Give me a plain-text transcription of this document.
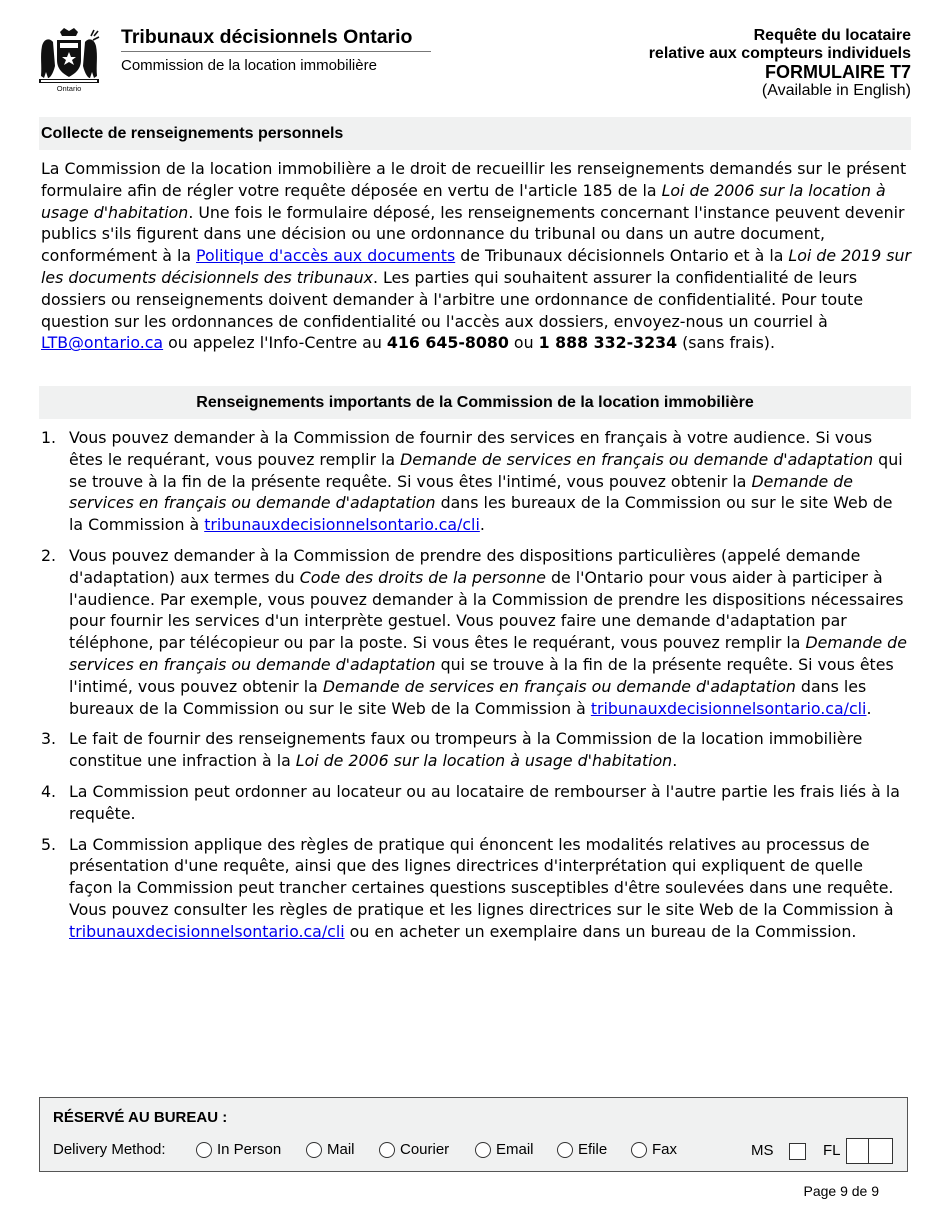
Ontario
Tribunaux décisionnels Ontario
Commission de la location immobilière
Requête du locataire
relative aux compteurs individuels
FORMULAIRE T7
(Available in English)
Collecte de renseignements personnels
La Commission de la location immobilière a le droit de recueillir les renseignements demandés sur le présent formulaire afin de régler votre requête déposée en vertu de l'article 185 de la Loi de 2006 sur la location à usage d'habitation. Une fois le formulaire déposé, les renseignements concernant l'instance peuvent devenir publics s'ils figurent dans une décision ou une ordonnance du tribunal ou dans un autre document, conformément à la Politique d'accès aux documents de Tribunaux décisionnels Ontario et à la Loi de 2019 sur les documents décisionnels des tribunaux. Les parties qui souhaitent assurer la confidentialité de leurs dossiers ou renseignements doivent demander à l'arbitre une ordonnance de confidentialité. Pour toute question sur les ordonnances de confidentialité ou l'accès aux dossiers, envoyez-nous un courriel à LTB@ontario.ca ou appelez l'Info-Centre au 416 645-8080 ou 1 888 332-3234 (sans frais).
Renseignements importants de la Commission de la location immobilière
1. Vous pouvez demander à la Commission de fournir des services en français à votre audience. Si vous êtes le requérant, vous pouvez remplir la Demande de services en français ou demande d'adaptation qui se trouve à la fin de la présente requête. Si vous êtes l'intimé, vous pouvez obtenir la Demande de services en français ou demande d'adaptation dans les bureaux de la Commission ou sur le site Web de la Commission à tribunauxdecisionnelsontario.ca/cli.
2. Vous pouvez demander à la Commission de prendre des dispositions particulières (appelé demande d'adaptation) aux termes du Code des droits de la personne de l'Ontario pour vous aider à participer à l'audience. Par exemple, vous pouvez demander à la Commission de prendre les dispositions nécessaires pour fournir les services d'un interprète gestuel. Vous pouvez faire une demande d'adaptation par téléphone, par télécopieur ou par la poste. Si vous êtes le requérant, vous pouvez remplir la Demande de services en français ou demande d'adaptation qui se trouve à la fin de la présente requête. Si vous êtes l'intimé, vous pouvez obtenir la Demande de services en français ou demande d'adaptation dans les bureaux de la Commission ou sur le site Web de la Commission à tribunauxdecisionnelsontario.ca/cli.
3. Le fait de fournir des renseignements faux ou trompeurs à la Commission de la location immobilière constitue une infraction à la Loi de 2006 sur la location à usage d'habitation.
4. La Commission peut ordonner au locateur ou au locataire de rembourser à l'autre partie les frais liés à la requête.
5. La Commission applique des règles de pratique qui énoncent les modalités relatives au processus de présentation d'une requête, ainsi que des lignes directrices d'interprétation qui expliquent de quelle façon la Commission peut trancher certaines questions susceptibles d'être soulevées dans une requête. Vous pouvez consulter les règles de pratique et les lignes directrices sur le site Web de la Commission à tribunauxdecisionnelsontario.ca/cli ou en acheter un exemplaire dans un bureau de la Commission.
RÉSERVÉ AU BUREAU :
Delivery Method:	In Person	Mail	Courier	Email	Efile	Fax	MS	FL
Page 9 de 9
